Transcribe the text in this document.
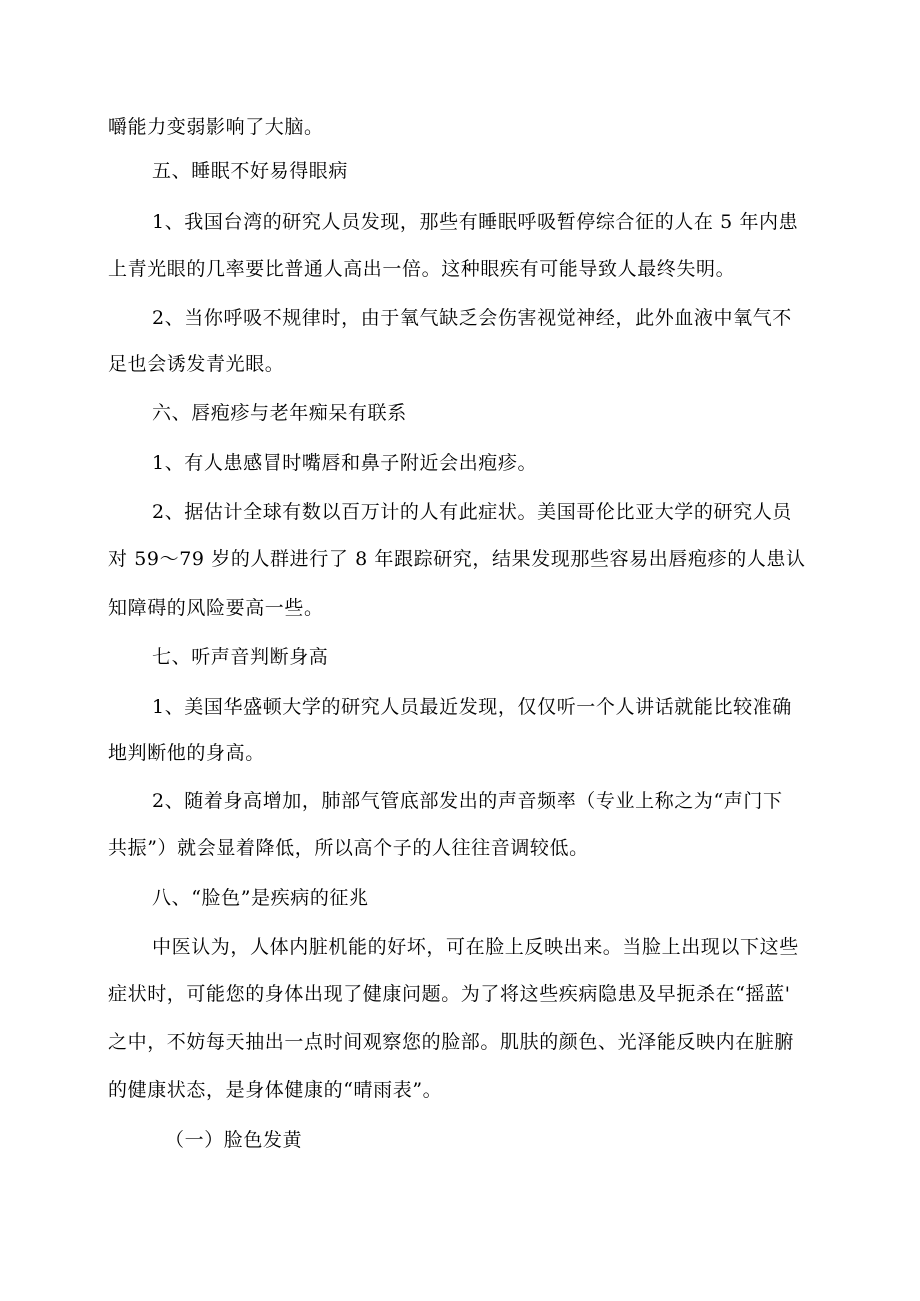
嚼能力变弱影响了大脑。
五、睡眠不好易得眼病
1、我国台湾的研究人员发现，那些有睡眠呼吸暂停综合征的人在 5 年内患
上青光眼的几率要比普通人高出一倍。这种眼疾有可能导致人最终失明。
2、当你呼吸不规律时，由于氧气缺乏会伤害视觉神经，此外血液中氧气不
足也会诱发青光眼。
六、唇疱疹与老年痴呆有联系
1、有人患感冒时嘴唇和鼻子附近会出疱疹。
2、据估计全球有数以百万计的人有此症状。美国哥伦比亚大学的研究人员
对 59～79 岁的人群进行了 8 年跟踪研究，结果发现那些容易出唇疱疹的人患认
知障碍的风险要高一些。
七、听声音判断身高
1、美国华盛顿大学的研究人员最近发现，仅仅听一个人讲话就能比较准确
地判断他的身高。
2、随着身高增加，肺部气管底部发出的声音频率（专业上称之为“声门下
共振”）就会显着降低，所以高个子的人往往音调较低。
八、“脸色”是疾病的征兆
中医认为，人体内脏机能的好坏，可在脸上反映出来。当脸上出现以下这些
症状时，可能您的身体出现了健康问题。为了将这些疾病隐患及早扼杀在“摇蓝'
之中，不妨每天抽出一点时间观察您的脸部。肌肤的颜色、光泽能反映内在脏腑
的健康状态，是身体健康的“晴雨表”。
（一）脸色发黄
